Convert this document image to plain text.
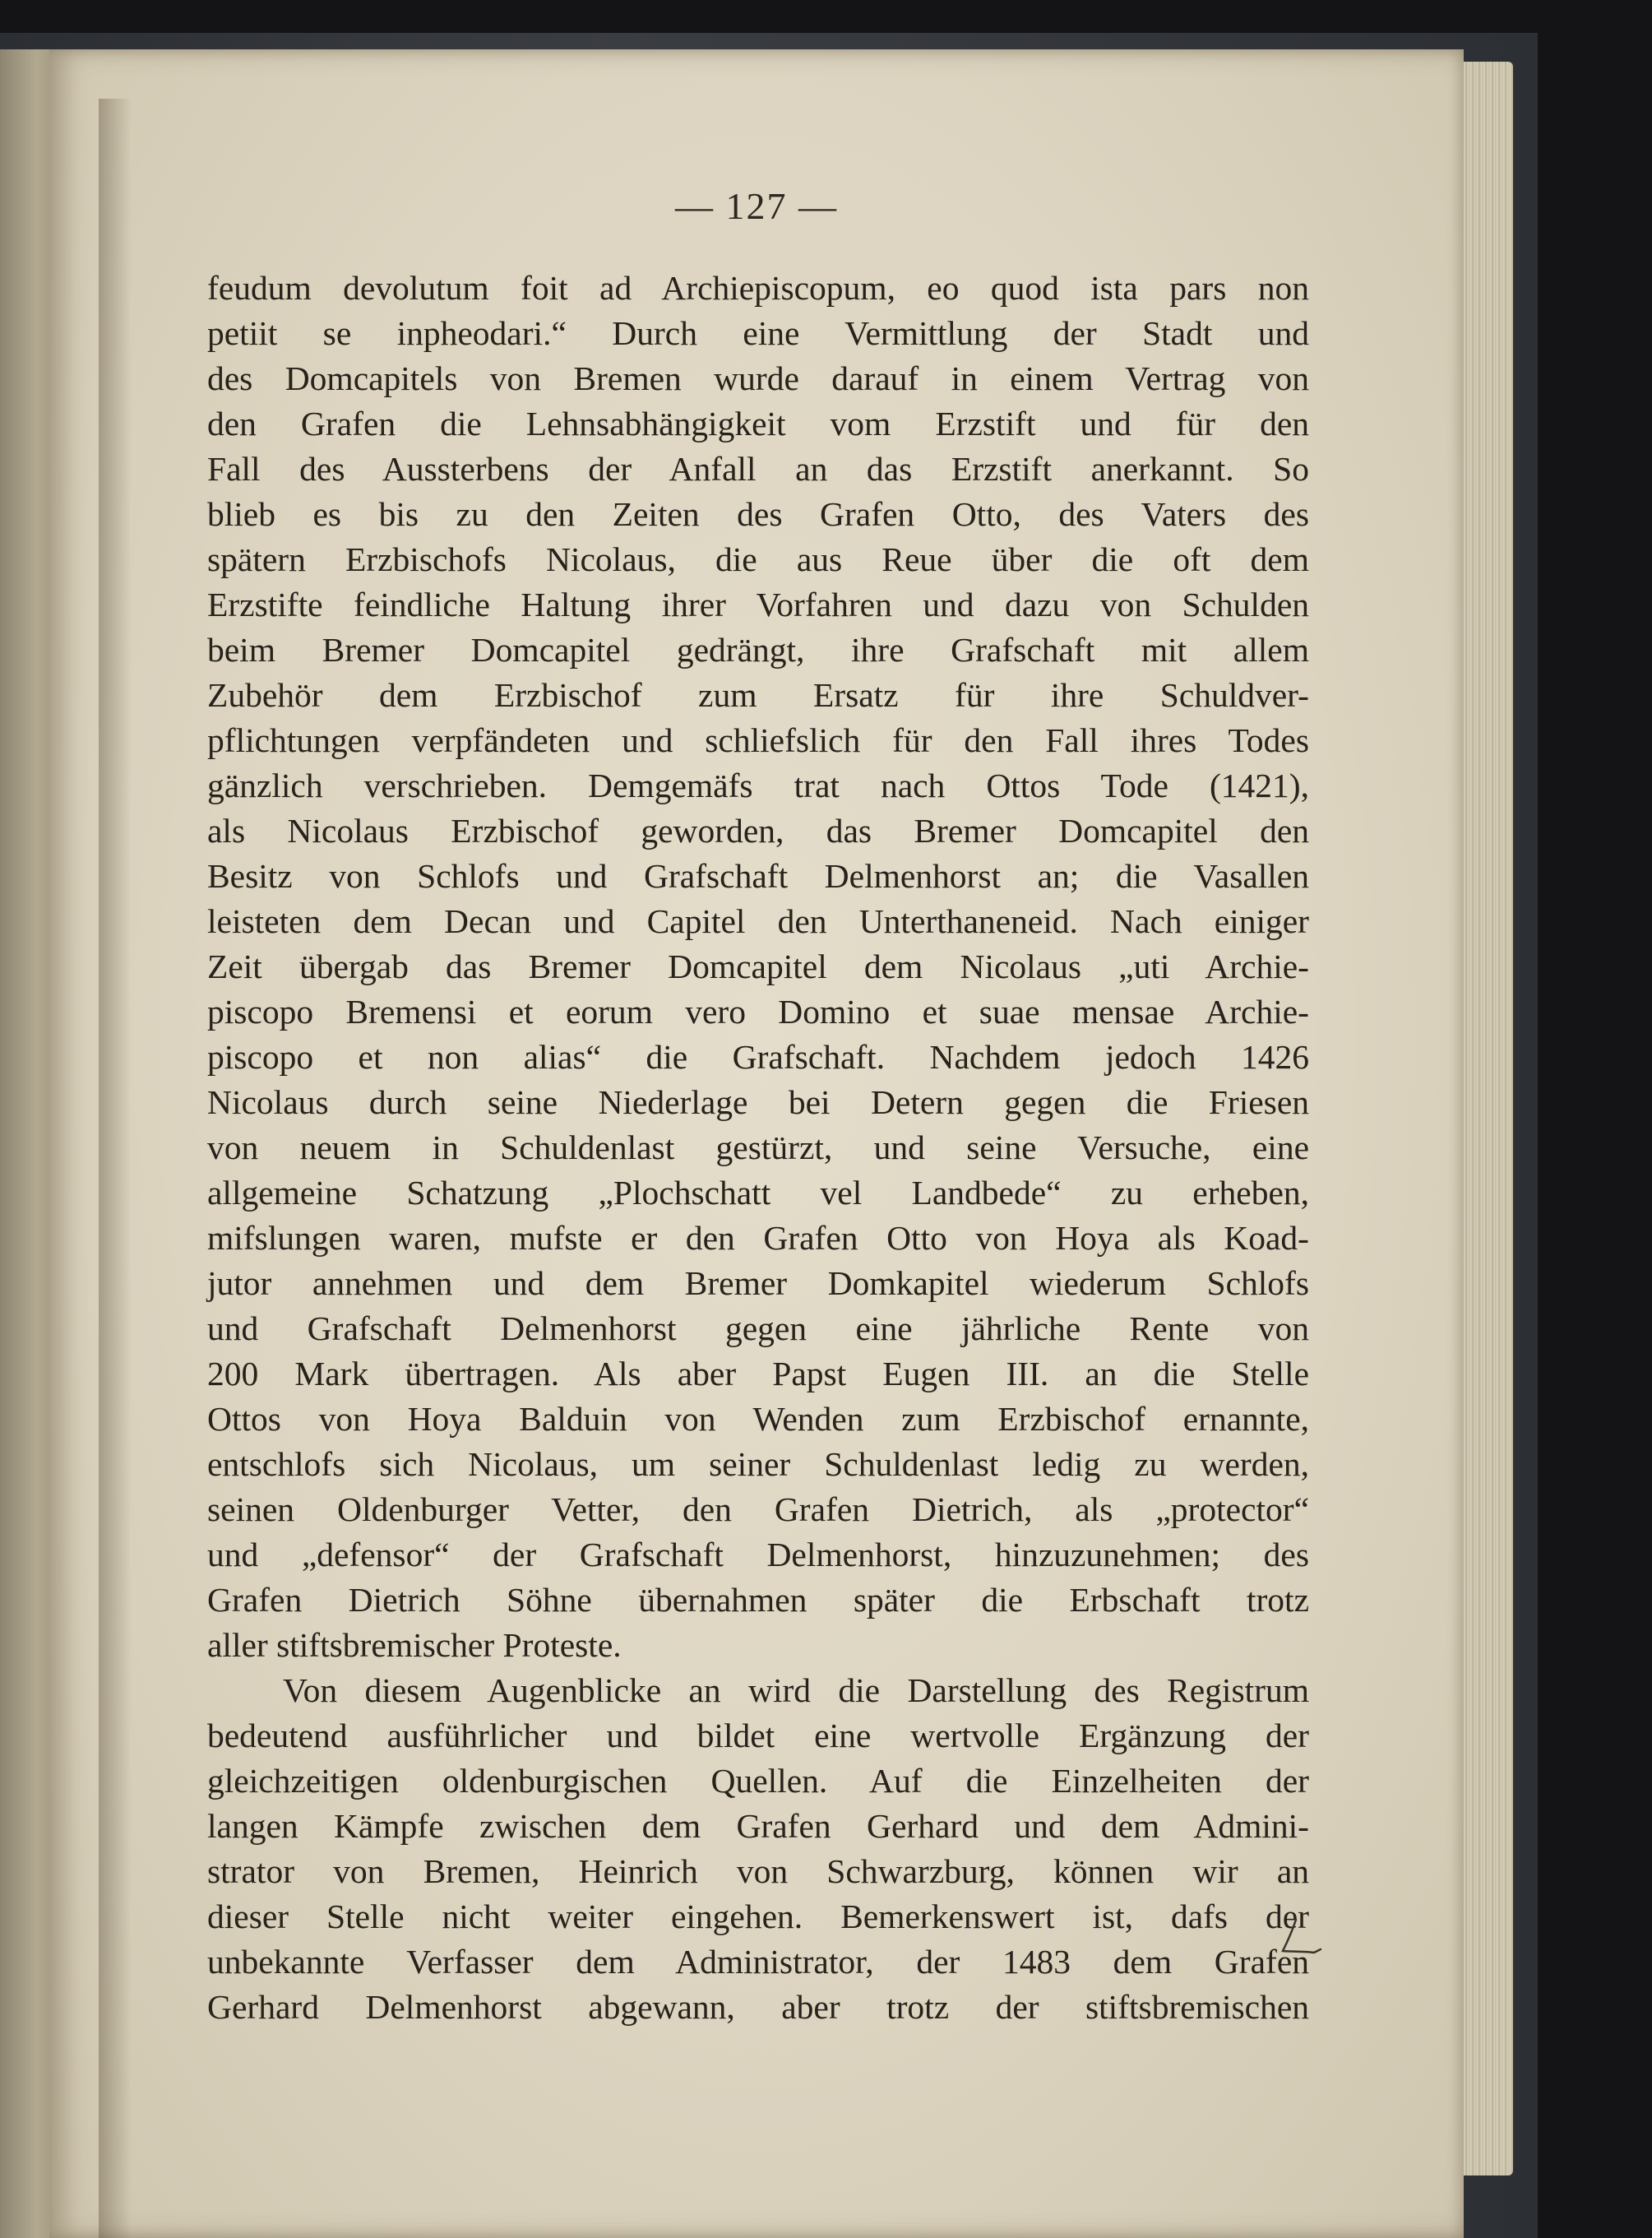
— 127 —
feudum devolutum foit ad Archiepiscopum, eo quod ista pars non
petiit se inpheodari.“ Durch eine Vermittlung der Stadt und
des Domcapitels von Bremen wurde darauf in einem Vertrag von
den Grafen die Lehnsabhängigkeit vom Erzstift und für den
Fall des Aussterbens der Anfall an das Erzstift anerkannt. So
blieb es bis zu den Zeiten des Grafen Otto, des Vaters des
spätern Erzbischofs Nicolaus, die aus Reue über die oft dem
Erzstifte feindliche Haltung ihrer Vorfahren und dazu von Schulden
beim Bremer Domcapitel gedrängt, ihre Grafschaft mit allem
Zubehör dem Erzbischof zum Ersatz für ihre Schuldver-
pflichtungen verpfändeten und schliefslich für den Fall ihres Todes
gänzlich verschrieben. Demgemäfs trat nach Ottos Tode (1421),
als Nicolaus Erzbischof geworden, das Bremer Domcapitel den
Besitz von Schlofs und Grafschaft Delmenhorst an; die Vasallen
leisteten dem Decan und Capitel den Unterthaneneid. Nach einiger
Zeit übergab das Bremer Domcapitel dem Nicolaus „uti Archie-
piscopo Bremensi et eorum vero Domino et suae mensae Archie-
piscopo et non alias“ die Grafschaft. Nachdem jedoch 1426
Nicolaus durch seine Niederlage bei Detern gegen die Friesen
von neuem in Schuldenlast gestürzt, und seine Versuche, eine
allgemeine Schatzung „Plochschatt vel Landbede“ zu erheben,
mifslungen waren, mufste er den Grafen Otto von Hoya als Koad-
jutor annehmen und dem Bremer Domkapitel wiederum Schlofs
und Grafschaft Delmenhorst gegen eine jährliche Rente von
200 Mark übertragen. Als aber Papst Eugen III. an die Stelle
Ottos von Hoya Balduin von Wenden zum Erzbischof ernannte,
entschlofs sich Nicolaus, um seiner Schuldenlast ledig zu werden,
seinen Oldenburger Vetter, den Grafen Dietrich, als „protector“
und „defensor“ der Grafschaft Delmenhorst, hinzuzunehmen; des
Grafen Dietrich Söhne übernahmen später die Erbschaft trotz
aller stiftsbremischer Proteste.
Von diesem Augenblicke an wird die Darstellung des Registrum
bedeutend ausführlicher und bildet eine wertvolle Ergänzung der
gleichzeitigen oldenburgischen Quellen. Auf die Einzelheiten der
langen Kämpfe zwischen dem Grafen Gerhard und dem Admini-
strator von Bremen, Heinrich von Schwarzburg, können wir an
dieser Stelle nicht weiter eingehen. Bemerkenswert ist, dafs der
unbekannte Verfasser dem Administrator, der 1483 dem Grafen
Gerhard Delmenhorst abgewann, aber trotz der stiftsbremischen
